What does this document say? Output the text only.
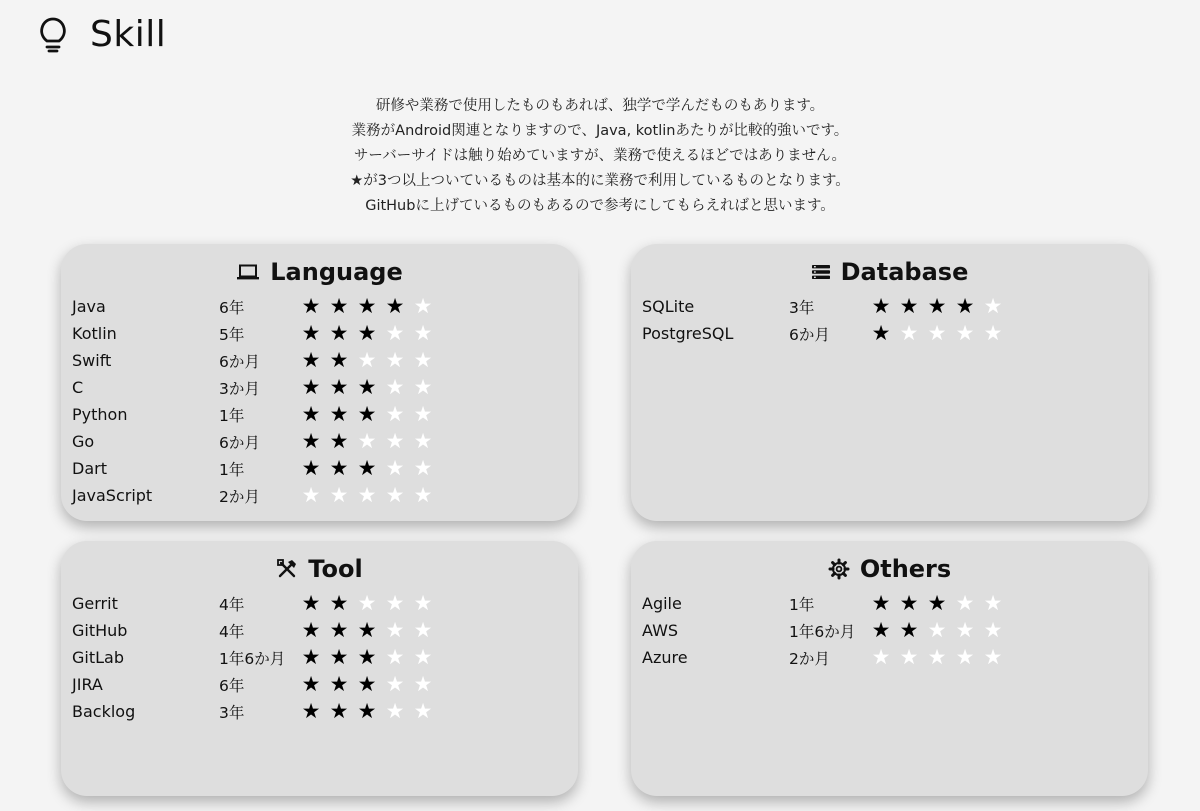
Skill

研修や業務で使用したものもあれば、独学で学んだものもあります。

業務がAndroid関連となりますので、Java, kotlinあたりが比較的強いです。

サーバーサイドは触り始めていますが、業務で使えるほどではありません。

★が3つ以上ついているものは基本的に業務で利用しているものとなります。

GitHubに上げているものもあるので参考にしてもらえればと思います。

Language
Java	6年	★ ★ ★ ★ ★
Kotlin	5年	★ ★ ★ ★ ★
Swift	6か月	★ ★ ★ ★ ★
C	3か月	★ ★ ★ ★ ★
Python	1年	★ ★ ★ ★ ★
Go	6か月	★ ★ ★ ★ ★
Dart	1年	★ ★ ★ ★ ★
JavaScript	2か月	★ ★ ★ ★ ★
Database
SQLite	3年	★ ★ ★ ★ ★
PostgreSQL	6か月	★ ★ ★ ★ ★
Tool
Gerrit	4年	★ ★ ★ ★ ★
GitHub	4年	★ ★ ★ ★ ★
GitLab	1年6か月 ★ ★ ★ ★ ★
JIRA	6年	★ ★ ★ ★ ★
Backlog	3年	★ ★ ★ ★ ★
Others
Agile	1年	★ ★ ★ ★ ★
AWS	1年6か月 ★ ★ ★ ★ ★
Azure	2か月	★ ★ ★ ★ ★
